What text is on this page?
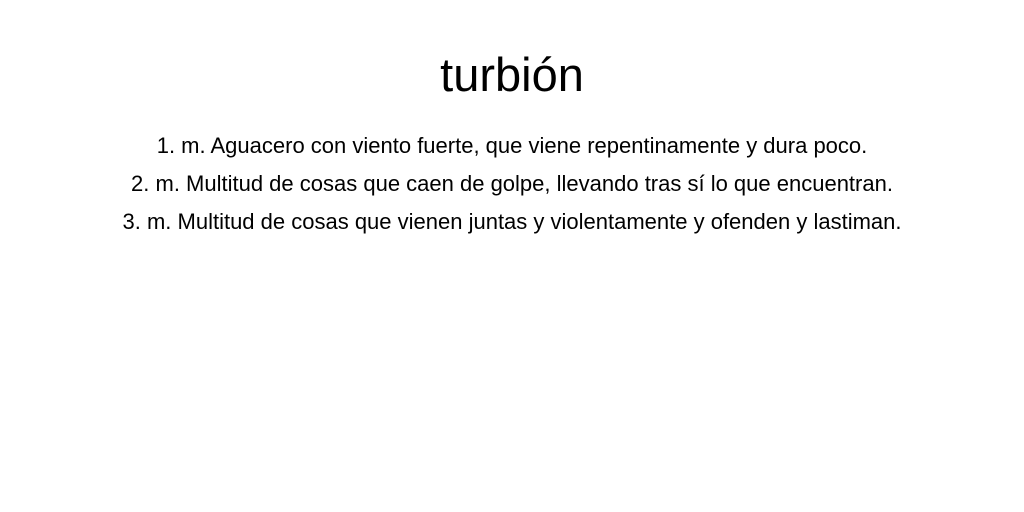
turbión
1. m. Aguacero con viento fuerte, que viene repentinamente y dura poco.
2. m. Multitud de cosas que caen de golpe, llevando tras sí lo que encuentran.
3. m. Multitud de cosas que vienen juntas y violentamente y ofenden y lastiman.
